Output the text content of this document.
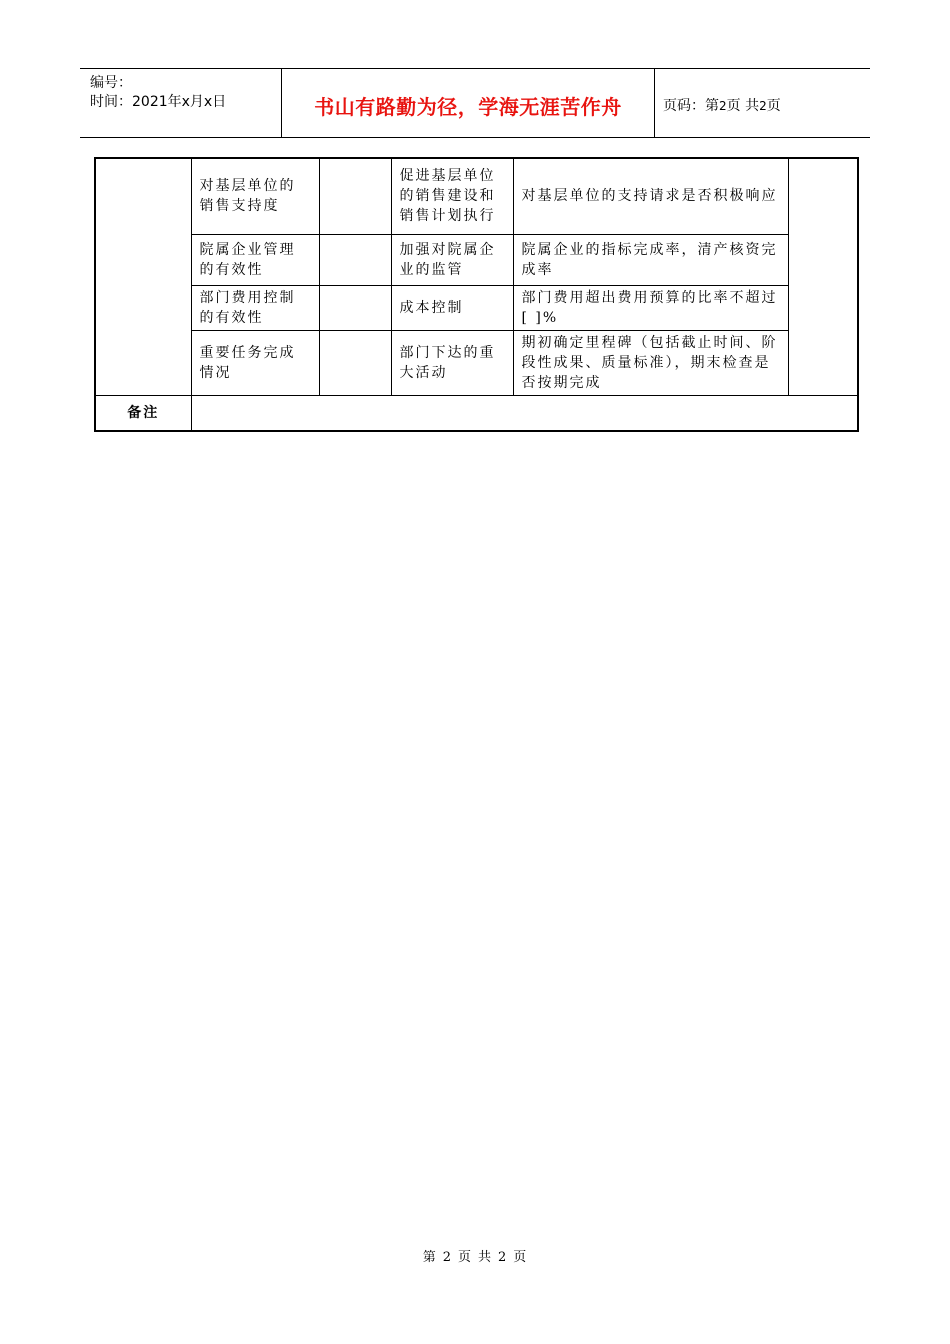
编号：
时间：2021年x月x日	书山有路勤为径，学海无涯苦作舟	页码：第2页 共2页
	对基层单位的销售支持度		促进基层单位的销售建设和销售计划执行	对基层单位的支持请求是否积极响应	
	院属企业管理的有效性		加强对院属企业的监管	院属企业的指标完成率，清产核资完成率	
	部门费用控制的有效性		成本控制	部门费用超出费用预算的比率不超过[ ]%	
	重要任务完成情况		部门下达的重大活动	期初确定里程碑（包括截止时间、阶段性成果、质量标准），期末检查是否按期完成	
备注					
第 2 页 共 2 页
